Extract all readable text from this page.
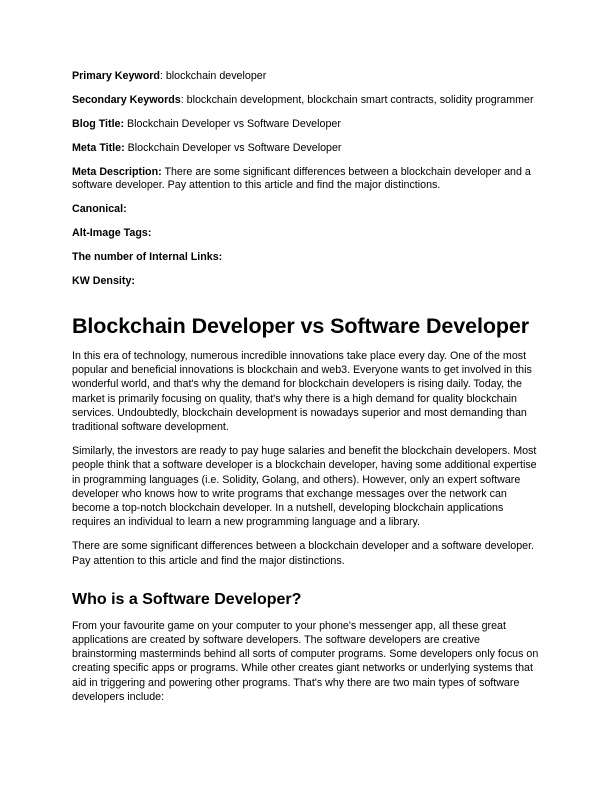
Primary Keyword: blockchain developer
Secondary Keywords: blockchain development, blockchain smart contracts, solidity programmer
Blog Title: Blockchain Developer vs Software Developer
Meta Title: Blockchain Developer vs Software Developer
Meta Description: There are some significant differences between a blockchain developer and a software developer. Pay attention to this article and find the major distinctions.
Canonical:
Alt-Image Tags:
The number of Internal Links:
KW Density:
Blockchain Developer vs Software Developer

In this era of technology, numerous incredible innovations take place every day. One of the most popular and beneficial innovations is blockchain and web3. Everyone wants to get involved in this wonderful world, and that's why the demand for blockchain developers is rising daily. Today, the market is primarily focusing on quality, that's why there is a high demand for quality blockchain services. Undoubtedly, blockchain development is nowadays superior and most demanding than traditional software development.

Similarly, the investors are ready to pay huge salaries and benefit the blockchain developers. Most people think that a software developer is a blockchain developer, having some additional expertise in programming languages (i.e. Solidity, Golang, and others). However, only an expert software developer who knows how to write programs that exchange messages over the network can become a top-notch blockchain developer. In a nutshell, developing blockchain applications requires an individual to learn a new programming language and a library.

There are some significant differences between a blockchain developer and a software developer. Pay attention to this article and find the major distinctions.

Who is a Software Developer?

From your favourite game on your computer to your phone's messenger app, all these great applications are created by software developers. The software developers are creative brainstorming masterminds behind all sorts of computer programs. Some developers only focus on creating specific apps or programs. While other creates giant networks or underlying systems that aid in triggering and powering other programs. That's why there are two main types of software developers include:
